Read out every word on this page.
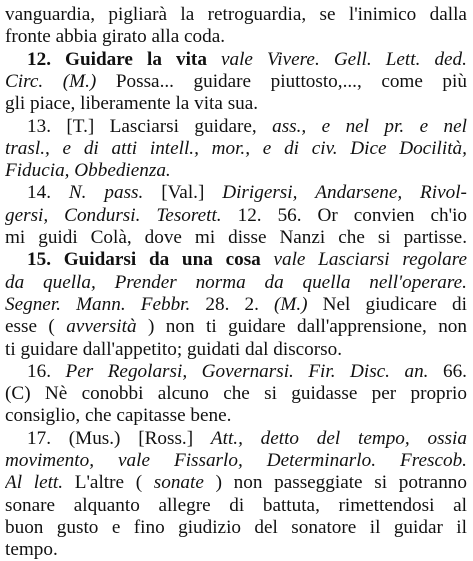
vanguardia, pigliarà la retroguardia, se l'inimico dalla
fronte abbia girato alla coda.
12. Guidare la vita vale Vivere. Gell. Lett. ded.
Circ. (M.) Possa... guidare piuttosto,..., come più
gli piace, liberamente la vita sua.
13. [T.] Lasciarsi guidare, ass., e nel pr. e nel
trasl., e di atti intell., mor., e di civ. Dice Docilità,
Fiducia, Obbedienza.
14. N. pass. [Val.] Dirigersi, Andarsene, Rivol-
gersi, Condursi. Tesorett. 12. 56. Or convien ch'io
mi guidi Colà, dove mi disse Nanzi che si partisse.
15. Guidarsi da una cosa vale Lasciarsi regolare
da quella, Prender norma da quella nell'operare.
Segner. Mann. Febbr. 28. 2. (M.) Nel giudicare di
esse ( avversità ) non ti guidare dall'apprensione, non
ti guidare dall'appetito; guidati dal discorso.
16. Per Regolarsi, Governarsi. Fir. Disc. an. 66.
(C) Nè conobbi alcuno che si guidasse per proprio
consiglio, che capitasse bene.
17. (Mus.) [Ross.] Att., detto del tempo, ossia
movimento, vale Fissarlo, Determinarlo. Frescob.
Al lett. L'altre ( sonate ) non passeggiate si potranno
sonare alquanto allegre di battuta, rimettendosi al
buon gusto e fino giudizio del sonatore il guidar il
tempo.
